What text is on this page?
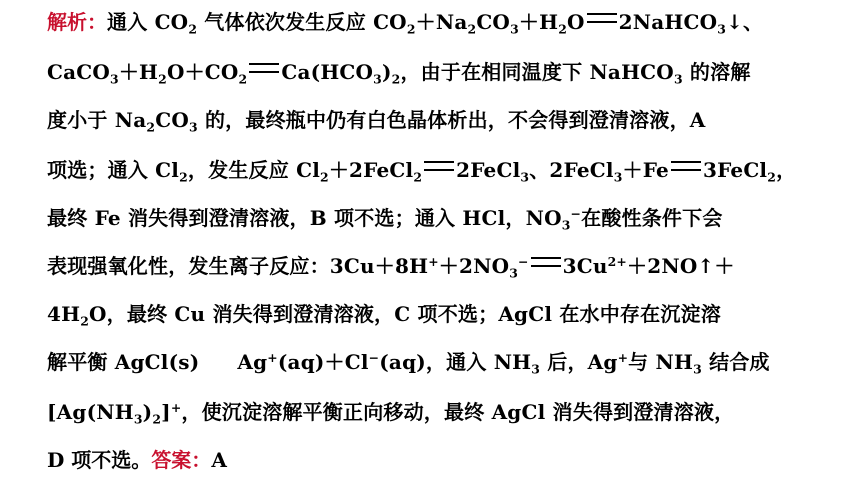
解析：通入 $CO_2$ 气体依次发生反应 $CO_2+Na_2CO_3+H_2O$ 2NaHCO$_3$↓、
$CaCO_3+H_2O+CO_2$ $Ca(HCO_3)_2$，由于在相同温度下 NaHCO$_3$ 的溶解
度小于 $Na_2CO_3$ 的，最终瓶中仍有白色晶体析出，不会得到澄清溶液，A
项选；通入 $Cl_2$，发生反应 $Cl_2+2FeCl_2$ 2FeCl$_3$、2FeCl$_3$＋Fe 3FeCl$_2$，
最终 Fe 消失得到澄清溶液，B 项不选；通入 HCl，$NO_3^-$在酸性条件下会
表现强氧化性，发生离子反应：$3Cu+8H^++2NO_3^-$ $3Cu^{2+}+2NO↑+$
$4H_2O$，最终 Cu 消失得到澄清溶液，C 项不选；AgCl 在水中存在沉淀溶
解平衡 AgCl(s) Ag+(aq)＋Cl−(aq)，通入 $NH_3$ 后，Ag+与 $NH_3$ 结合成
$[Ag(NH_3)_2]^+$，使沉淀溶解平衡正向移动，最终 AgCl 消失得到澄清溶液，
D 项不选。答案：A
